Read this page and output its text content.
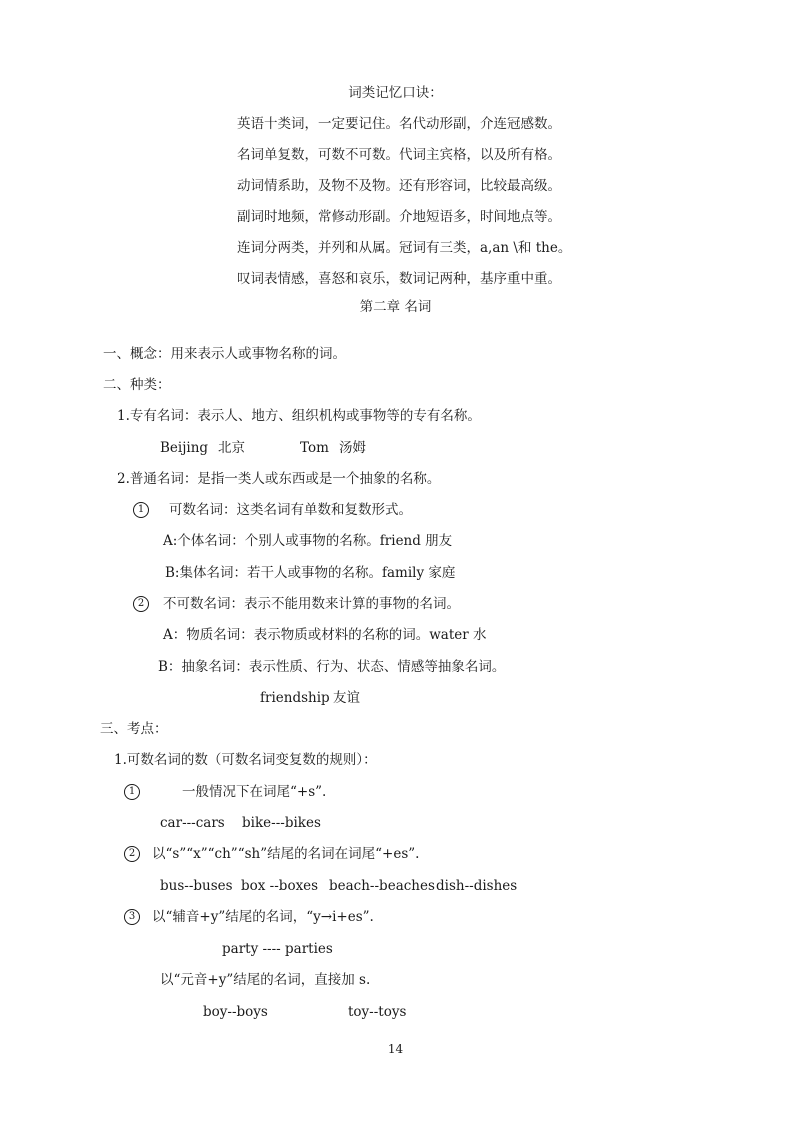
词类记忆口诀：
英语十类词，一定要记住。名代动形副，介连冠感数。
名词单复数，可数不可数。代词主宾格，以及所有格。
动词情系助，及物不及物。还有形容词，比较最高级。
副词时地频，常修动形副。介地短语多，时间地点等。
连词分两类，并列和从属。冠词有三类，a,an \和 the。
叹词表情感，喜怒和哀乐，数词记两种，基序重中重。
第二章 名词
一、概念：用来表示人或事物名称的词。
二、种类：
1.专有名词：表示人、地方、组织机构或事物等的专有名称。
Beijing 北京	Tom 汤姆
2.普通名词：是指一类人或东西或是一个抽象的名称。
1 可数名词：这类名词有单数和复数形式。
A:个体名词：个别人或事物的名称。friend 朋友
B:集体名词：若干人或事物的名称。family 家庭
2 不可数名词：表示不能用数来计算的事物的名词。
A：物质名词：表示物质或材料的名称的词。water 水
B：抽象名词：表示性质、行为、状态、情感等抽象名词。
friendship 友谊
三、考点：
1.可数名词的数（可数名词变复数的规则）：
1	一般情况下在词尾“+s”.
car---cars bike---bikes
2 以“s”“x”“ch”“sh”结尾的名词在词尾“+es”.
bus--buses box --boxes beach--beaches dish--dishes
3 以“辅音+y”结尾的名词，“y→i+es”.
party ---- parties
以“元音+y”结尾的名词，直接加 s.
boy--boys	toy--toys
14
